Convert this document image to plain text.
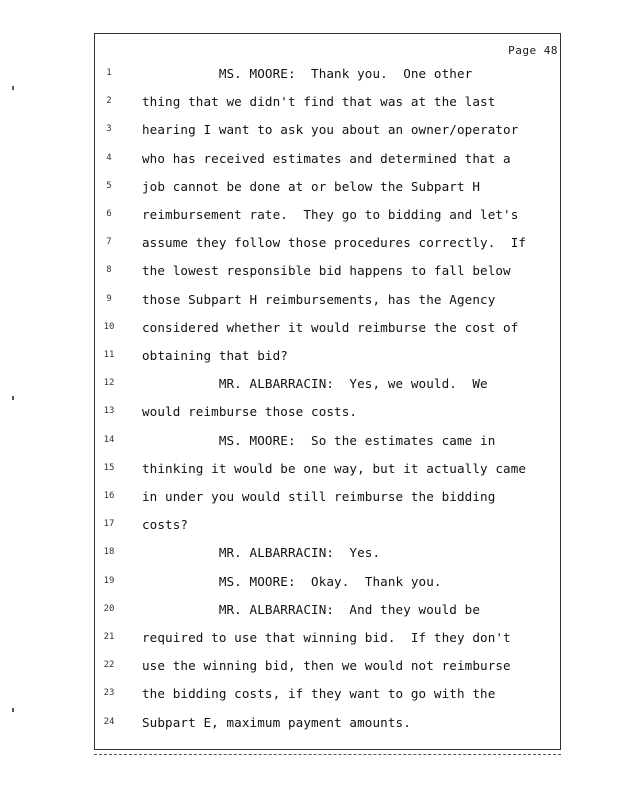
Page 48
1	MS. MOORE:  Thank you.  One other
2	thing that we didn't find that was at the last
3	hearing I want to ask you about an owner/operator
4	who has received estimates and determined that a
5	job cannot be done at or below the Subpart H
6	reimbursement rate.  They go to bidding and let's
7	assume they follow those procedures correctly.  If
8	the lowest responsible bid happens to fall below
9	those Subpart H reimbursements, has the Agency
10 considered whether it would reimburse the cost of
11 obtaining that bid?
12 MR. ALBARRACIN:  Yes, we would.  We
13 would reimburse those costs.
14 MS. MOORE:  So the estimates came in
15 thinking it would be one way, but it actually came
16 in under you would still reimburse the bidding
17 costs?
18 MR. ALBARRACIN:  Yes.
19 MS. MOORE:  Okay.  Thank you.
20 MR. ALBARRACIN:  And they would be
21 required to use that winning bid.  If they don't
22 use the winning bid, then we would not reimburse
23 the bidding costs, if they want to go with the
24 Subpart E, maximum payment amounts.
